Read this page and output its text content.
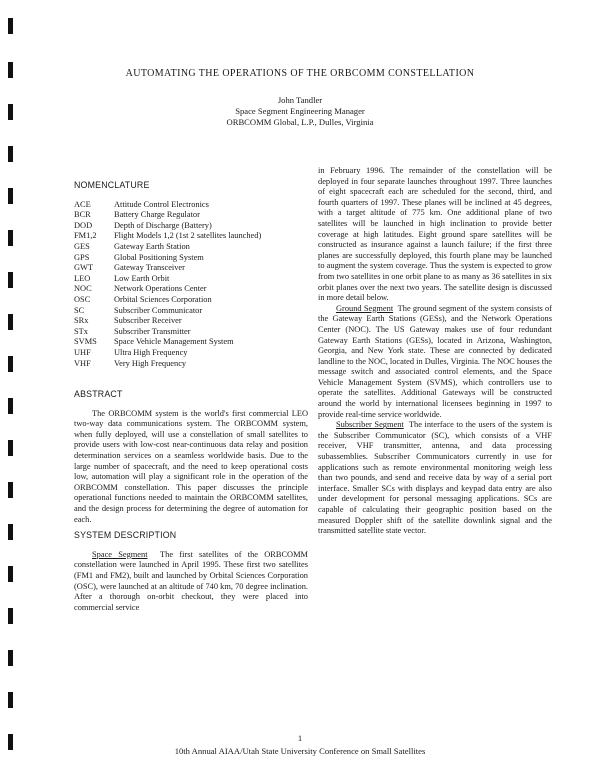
AUTOMATING THE OPERATIONS OF THE ORBCOMM CONSTELLATION
John Tandler
Space Segment Engineering Manager
ORBCOMM Global, L.P., Dulles, Virginia
NOMENCLATURE
ACE	Attitude Control Electronics
BCR	Battery Charge Regulator
DOD	Depth of Discharge (Battery)
FM1,2	Flight Models 1,2 (1st 2 satellites launched)
GES	Gateway Earth Station
GPS	Global Positioning System
GWT	Gateway Transceiver
LEO	Low Earth Orbit
NOC	Network Operations Center
OSC	Orbital Sciences Corporation
SC	Subscriber Communicator
SRx	Subscriber Receiver
STx	Subscriber Transmitter
SVMS	Space Vehicle Management System
UHF	Ultra High Frequency
VHF	Very High Frequency
ABSTRACT

The ORBCOMM system is the world's first commercial LEO two-way data communications system. The ORBCOMM system, when fully deployed, will use a constellation of small satellites to provide users with low-cost near-continuous data relay and position determination services on a seamless worldwide basis. Due to the large number of spacecraft, and the need to keep operational costs low, automation will play a significant role in the operation of the ORBCOMM constellation. This paper discusses the principle operational functions needed to maintain the ORBCOMM satellites, and the design process for determining the degree of automation for each.

SYSTEM DESCRIPTION

Space Segment The first satellites of the ORBCOMM constellation were launched in April 1995. These first two satellites (FM1 and FM2), built and launched by Orbital Sciences Corporation (OSC), were launched at an altitude of 740 km, 70 degree inclination. After a thorough on-orbit checkout, they were placed into commercial service

in February 1996. The remainder of the constellation will be deployed in four separate launches throughout 1997. Three launches of eight spacecraft each are scheduled for the second, third, and fourth quarters of 1997. These planes will be inclined at 45 degrees, with a target altitude of 775 km. One additional plane of two satellites will be launched in high inclination to provide better coverage at high latitudes. Eight ground spare satellites will be constructed as insurance against a launch failure; if the first three planes are successfully deployed, this fourth plane may be launched to augment the system coverage. Thus the system is expected to grow from two satellites in one orbit plane to as many as 36 satellites in six orbit planes over the next two years. The satellite design is discussed in more detail below.

Ground Segment The ground segment of the system consists of the Gateway Earth Stations (GESs), and the Network Operations Center (NOC). The US Gateway makes use of four redundant Gateway Earth Stations (GESs), located in Arizona, Washington, Georgia, and New York state. These are connected by dedicated landline to the NOC, located in Dulles, Virginia. The NOC houses the message switch and associated control elements, and the Space Vehicle Management System (SVMS), which controllers use to operate the satellites. Additional Gateways will be constructed around the world by international licensees beginning in 1997 to provide real-time service worldwide.

Subscriber Segment The interface to the users of the system is the Subscriber Communicator (SC), which consists of a VHF receiver, VHF transmitter, antenna, and data processing subassemblies. Subscriber Communicators currently in use for applications such as remote environmental monitoring weigh less than two pounds, and send and receive data by way of a serial port interface. Smaller SCs with displays and keypad data entry are also under development for personal messaging applications. SCs are capable of calculating their geographic position based on the measured Doppler shift of the satellite downlink signal and the transmitted satellite state vector.

1
10th Annual AIAA/Utah State University Conference on Small Satellites
